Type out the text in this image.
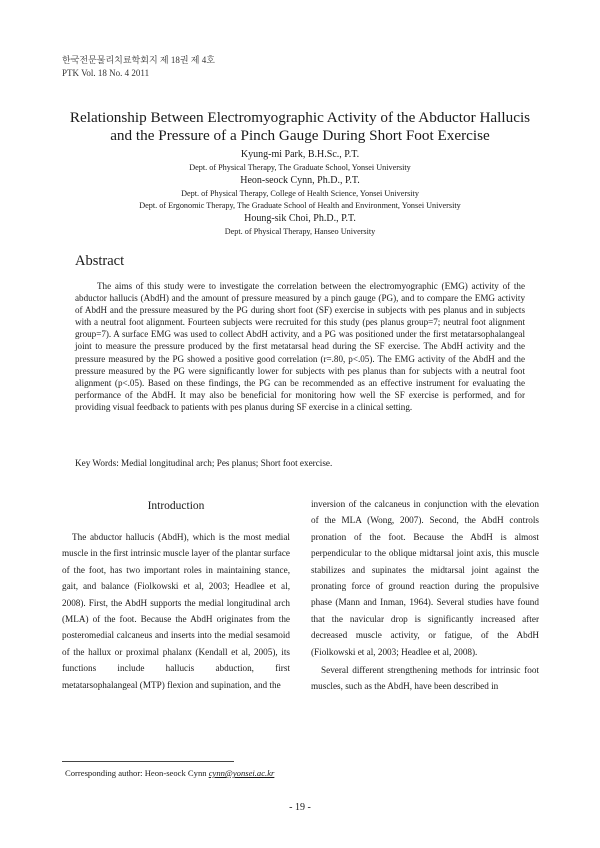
한국전문물리치료학회지 제 18권 제 4호
PTK Vol. 18 No. 4 2011
Relationship Between Electromyographic Activity of the Abductor Hallucis
and the Pressure of a Pinch Gauge During Short Foot Exercise
Kyung-mi Park, B.H.Sc., P.T.
Dept. of Physical Therapy, The Graduate School, Yonsei University
Heon-seock Cynn, Ph.D., P.T.
Dept. of Physical Therapy, College of Health Science, Yonsei University
Dept. of Ergonomic Therapy, The Graduate School of Health and Environment, Yonsei University
Houng-sik Choi, Ph.D., P.T.
Dept. of Physical Therapy, Hanseo University
Abstract
The aims of this study were to investigate the correlation between the electromyographic (EMG) activity of the abductor hallucis (AbdH) and the amount of pressure measured by a pinch gauge (PG), and to compare the EMG activity of AbdH and the pressure measured by the PG during short foot (SF) exercise in subjects with pes planus and in subjects with a neutral foot alignment. Fourteen subjects were recruited for this study (pes planus group=7; neutral foot alignment group=7). A surface EMG was used to collect AbdH activity, and a PG was positioned under the first metatarsophalangeal joint to measure the pressure produced by the first metatarsal head during the SF exercise. The AbdH activity and the pressure measured by the PG showed a positive good correlation (r=.80, p<.05). The EMG activity of the AbdH and the pressure measured by the PG were significantly lower for subjects with pes planus than for subjects with a neutral foot alignment (p<.05). Based on these findings, the PG can be recommended as an effective instrument for evaluating the performance of the AbdH. It may also be beneficial for monitoring how well the SF exercise is performed, and for providing visual feedback to patients with pes planus during SF exercise in a clinical setting.
Key Words: Medial longitudinal arch; Pes planus; Short foot exercise.
Introduction

The abductor hallucis (AbdH), which is the most medial muscle in the first intrinsic muscle layer of the plantar surface of the foot, has two important roles in maintaining stance, gait, and balance (Fiolkowski et al, 2003; Headlee et al, 2008). First, the AbdH supports the medial longitudinal arch (MLA) of the foot. Because the AbdH originates from the posteromedial calcaneus and inserts into the medial sesamoid of the hallux or proximal phalanx (Kendall et al, 2005), its functions include hallucis abduction, first metatarsophalangeal (MTP) flexion and supination, and the

inversion of the calcaneus in conjunction with the elevation of the MLA (Wong, 2007). Second, the AbdH controls pronation of the foot. Because the AbdH is almost perpendicular to the oblique midtarsal joint axis, this muscle stabilizes and supinates the midtarsal joint against the pronating force of ground reaction during the propulsive phase (Mann and Inman, 1964). Several studies have found that the navicular drop is significantly increased after decreased muscle activity, or fatigue, of the AbdH (Fiolkowski et al, 2003; Headlee et al, 2008).

Several different strengthening methods for intrinsic foot muscles, such as the AbdH, have been described in

Corresponding author: Heon-seock Cynn cynn@yonsei.ac.kr
- 19 -
